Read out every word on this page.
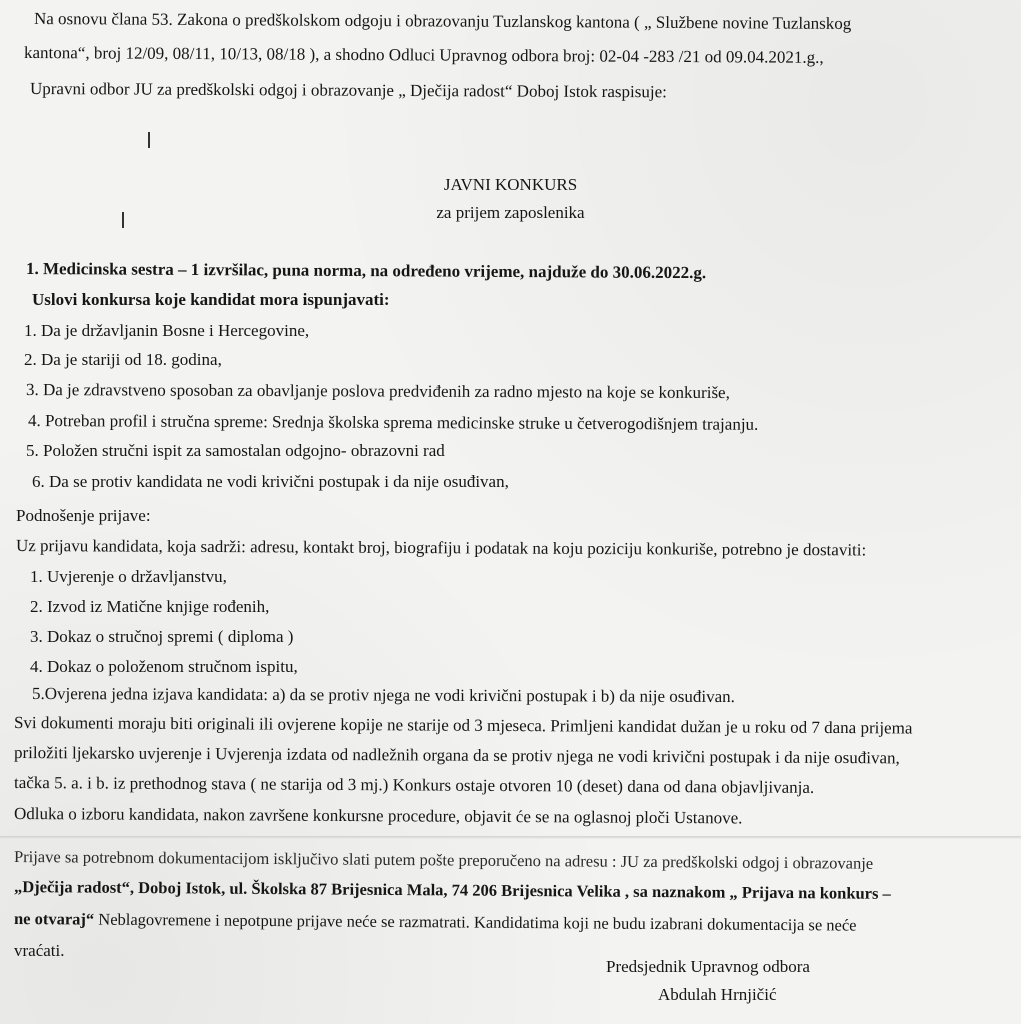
Na osnovu člana 53. Zakona o predškolskom odgoju i obrazovanju Tuzlanskog kantona ( „ Službene novine Tuzlanskog
kantona“, broj 12/09, 08/11, 10/13, 08/18 ), a shodno Odluci Upravnog odbora broj: 02-04 -283 /21 od 09.04.2021.g.,
Upravni odbor JU za predškolski odgoj i obrazovanje „ Dječija radost“ Doboj Istok raspisuje:
JAVNI KONKURS
za prijem zaposlenika
1. Medicinska sestra – 1 izvršilac, puna norma, na određeno vrijeme, najduže do 30.06.2022.g.
Uslovi konkursa koje kandidat mora ispunjavati:
1. Da je državljanin Bosne i Hercegovine,
2. Da je stariji od 18. godina,
3. Da je zdravstveno sposoban za obavljanje poslova predviđenih za radno mjesto na koje se konkuriše,
4. Potreban profil i stručna spreme: Srednja školska sprema medicinske struke u četverogodišnjem trajanju.
5. Položen stručni ispit za samostalan odgojno- obrazovni rad
6. Da se protiv kandidata ne vodi krivični postupak i da nije osuđivan,
Podnošenje prijave:
Uz prijavu kandidata, koja sadrži: adresu, kontakt broj, biografiju i podatak na koju poziciju konkuriše, potrebno je dostaviti:
1. Uvjerenje o državljanstvu,
2. Izvod iz Matične knjige rođenih,
3. Dokaz o stručnoj spremi ( diploma )
4. Dokaz o položenom stručnom ispitu,
5.Ovjerena jedna izjava kandidata: a) da se protiv njega ne vodi krivični postupak i b) da nije osuđivan.
Svi dokumenti moraju biti originali ili ovjerene kopije ne starije od 3 mjeseca. Primljeni kandidat dužan je u roku od 7 dana prijema
priložiti ljekarsko uvjerenje i Uvjerenja izdata od nadležnih organa da se protiv njega ne vodi krivični postupak i da nije osuđivan,
tačka 5. a. i b. iz prethodnog stava ( ne starija od 3 mj.) Konkurs ostaje otvoren 10 (deset) dana od dana objavljivanja.
Odluka o izboru kandidata, nakon završene konkursne procedure, objavit će se na oglasnoj ploči Ustanove.
Prijave sa potrebnom dokumentacijom isključivo slati putem pošte preporučeno na adresu : JU za predškolski odgoj i obrazovanje
„Dječija radost“, Doboj Istok, ul. Školska 87 Brijesnica Mala, 74 206 Brijesnica Velika , sa naznakom „ Prijava na konkurs –
ne otvaraj“ Neblagovremene i nepotpune prijave neće se razmatrati. Kandidatima koji ne budu izabrani dokumentacija se neće
vraćati.
Predsjednik Upravnog odbora
Abdulah Hrnjičić
